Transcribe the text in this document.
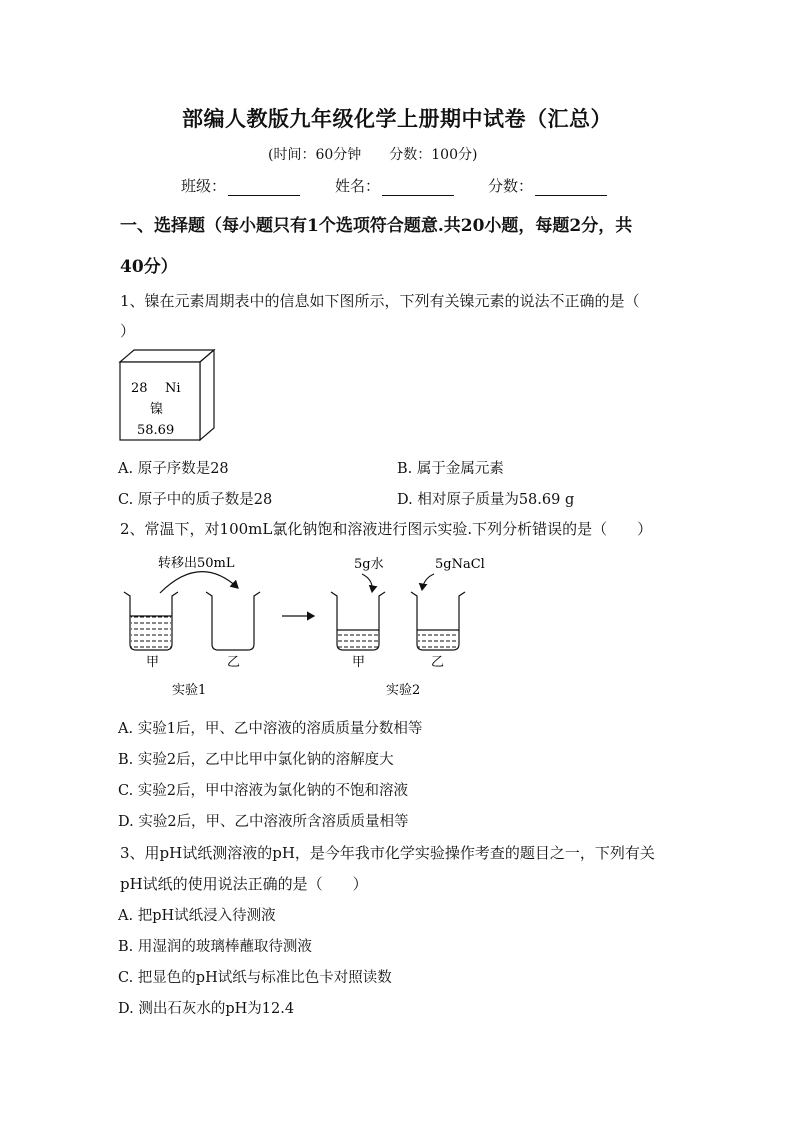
部编人教版九年级化学上册期中试卷（汇总）
(时间：60分钟　　分数：100分)
班级：	姓名：	分数：
一、选择题（每小题只有1个选项符合题意.共20小题，每题2分，共
40分）
1、镍在元素周期表中的信息如下图所示，下列有关镍元素的说法不正确的是（
）
28 Ni
镍
58.69
A. 原子序数是28	B. 属于金属元素
C. 原子中的质子数是28	D. 相对原子质量为58.69 g
2、常温下，对100mL氯化钠饱和溶液进行图示实验.下列分析错误的是（　　）
转移出50mL
甲	乙
实验1
5g水	5gNaCl
甲	乙
实验2
A. 实验1后，甲、乙中溶液的溶质质量分数相等
B. 实验2后，乙中比甲中氯化钠的溶解度大
C. 实验2后，甲中溶液为氯化钠的不饱和溶液
D. 实验2后，甲、乙中溶液所含溶质质量相等
3、用pH试纸测溶液的pH，是今年我市化学实验操作考查的题目之一，下列有关
pH试纸的使用说法正确的是（　　）
A. 把pH试纸浸入待测液
B. 用湿润的玻璃棒蘸取待测液
C. 把显色的pH试纸与标准比色卡对照读数
D. 测出石灰水的pH为12.4
